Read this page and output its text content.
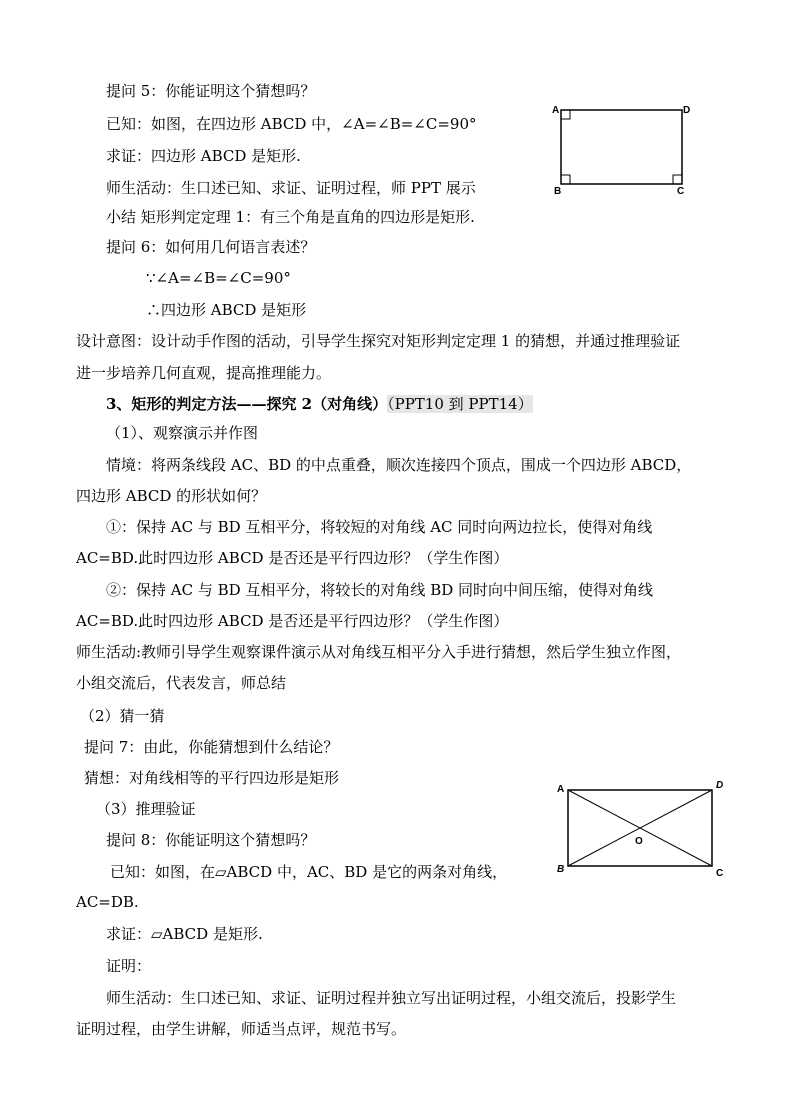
提问 5：你能证明这个猜想吗？
已知：如图，在四边形 ABCD 中，∠A=∠B=∠C=90°
求证：四边形 ABCD 是矩形.
师生活动：生口述已知、求证、证明过程，师 PPT 展示
小结 矩形判定定理 1：有三个角是直角的四边形是矩形.
提问 6：如何用几何语言表述？
∵∠A=∠B=∠C=90°
∴四边形 ABCD 是矩形
设计意图：设计动手作图的活动，引导学生探究对矩形判定定理 1 的猜想，并通过推理验证
进一步培养几何直观，提高推理能力。
3、矩形的判定方法——探究 2（对角线）（PPT10 到 PPT14）
（1）、观察演示并作图
情境：将两条线段 AC、BD 的中点重叠，顺次连接四个顶点，围成一个四边形 ABCD，
四边形 ABCD 的形状如何？
①：保持 AC 与 BD 互相平分，将较短的对角线 AC 同时向两边拉长，使得对角线
AC=BD.此时四边形 ABCD 是否还是平行四边形？（学生作图）
②：保持 AC 与 BD 互相平分，将较长的对角线 BD 同时向中间压缩，使得对角线
AC=BD.此时四边形 ABCD 是否还是平行四边形？（学生作图）
师生活动:教师引导学生观察课件演示从对角线互相平分入手进行猜想，然后学生独立作图，
小组交流后，代表发言，师总结
（2）猜一猜
提问 7：由此，你能猜想到什么结论？
猜想：对角线相等的平行四边形是矩形
（3）推理验证
提问 8：你能证明这个猜想吗？
已知：如图，在▱ABCD 中，AC、BD 是它的两条对角线，
AC=DB.
求证：▱ABCD 是矩形.
证明：
师生活动：生口述已知、求证、证明过程并独立写出证明过程，小组交流后，投影学生
证明过程，由学生讲解，师适当点评，规范书写。
A	D
B	C
A	D
B	C
O
